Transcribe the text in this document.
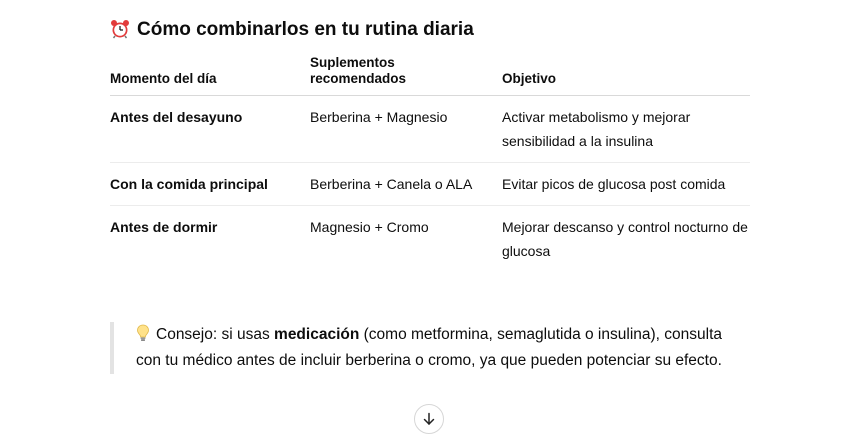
Cómo combinarlos en tu rutina diaria
Momento del día	Suplementos recomendados	Objetivo
Antes del desayuno	Berberina + Magnesio	Activar metabolismo y mejorar sensibilidad a la insulina
Con la comida principal	Berberina + Canela o ALA	Evitar picos de glucosa post comida
Antes de dormir	Magnesio + Cromo	Mejorar descanso y control nocturno de glucosa
Consejo: si usas medicación (como metformina, semaglutida o insulina), consulta con tu médico antes de incluir berberina o cromo, ya que pueden potenciar su efecto.
